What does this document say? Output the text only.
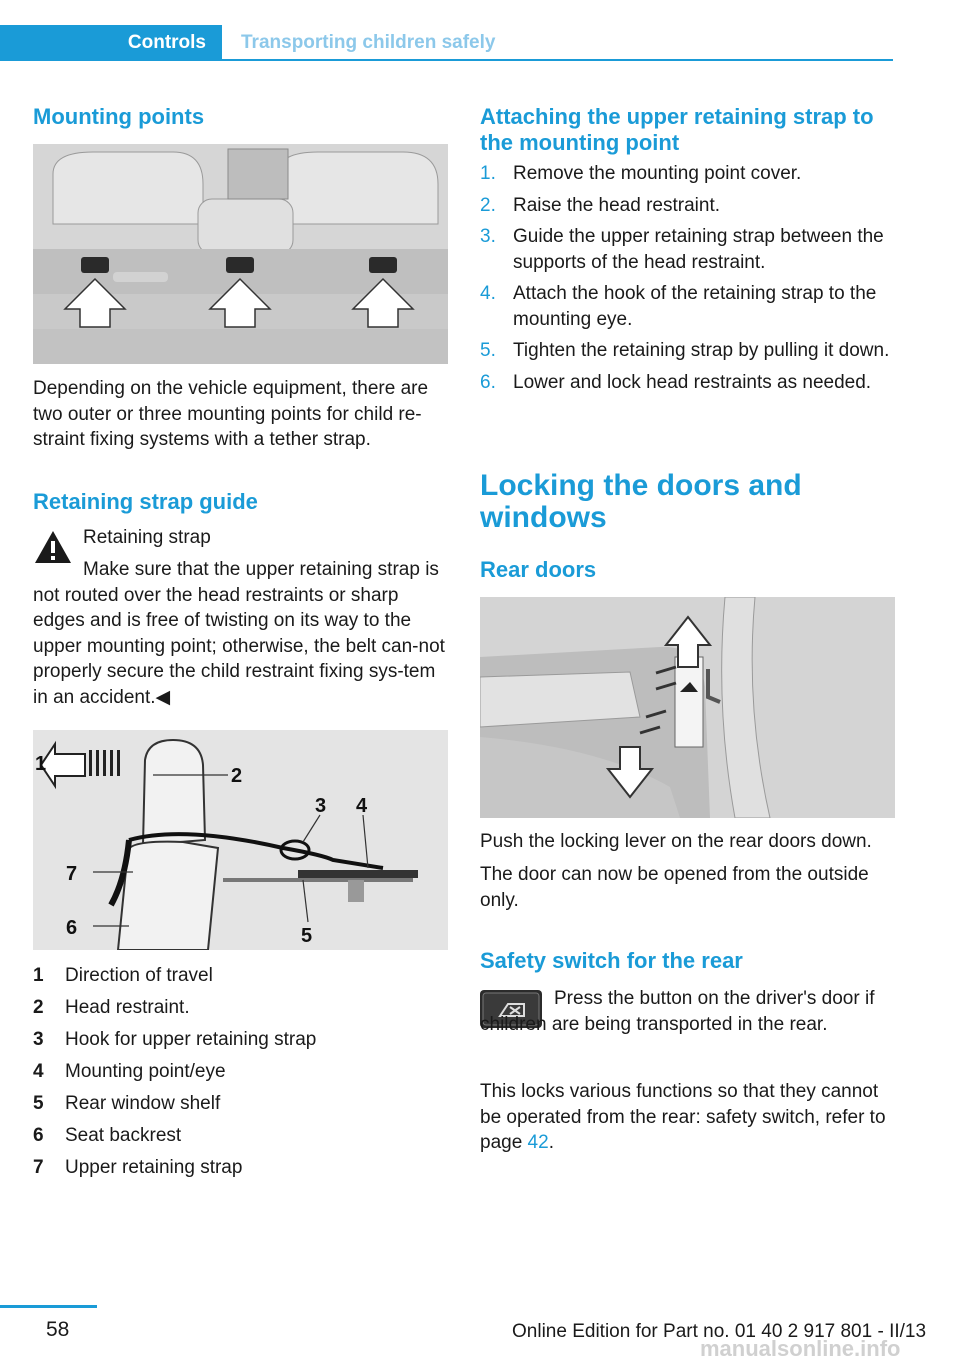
Controls Transporting children safely
Mounting points

Depending on the vehicle equipment, there are two outer or three mounting points for child re‐straint fixing systems with a tether strap.

Retaining strap guide

Retaining strap

Make sure that the upper retaining strap is not routed over the head restraints or sharp edges and is free of twisting on its way to the upper mounting point; otherwise, the belt can‐not properly secure the child restraint fixing sys‐tem in an accident.◀

1
2
3 4
5
6
7
1	Direction of travel
2	Head restraint.
3	Hook for upper retaining strap
4	Mounting point/eye
5	Rear window shelf
6	Seat backrest
7	Upper retaining strap
Attaching the upper retaining strap to the mounting point
1. Remove the mounting point cover.
2. Raise the head restraint.
3. Guide the upper retaining strap between the supports of the head restraint.
4. Attach the hook of the retaining strap to the mounting eye.
5. Tighten the retaining strap by pulling it down.
6. Lower and lock head restraints as needed.
Locking the doors and windows
Rear doors

Push the locking lever on the rear doors down.

The door can now be opened from the outside only.

Safety switch for the rear

Press the button on the driver's door if children are being transported in the rear.

This locks various functions so that they cannot be operated from the rear: safety switch, refer to page 42.

58	Online Edition for Part no. 01 40 2 917 801 - II/13
manualsonline.info
